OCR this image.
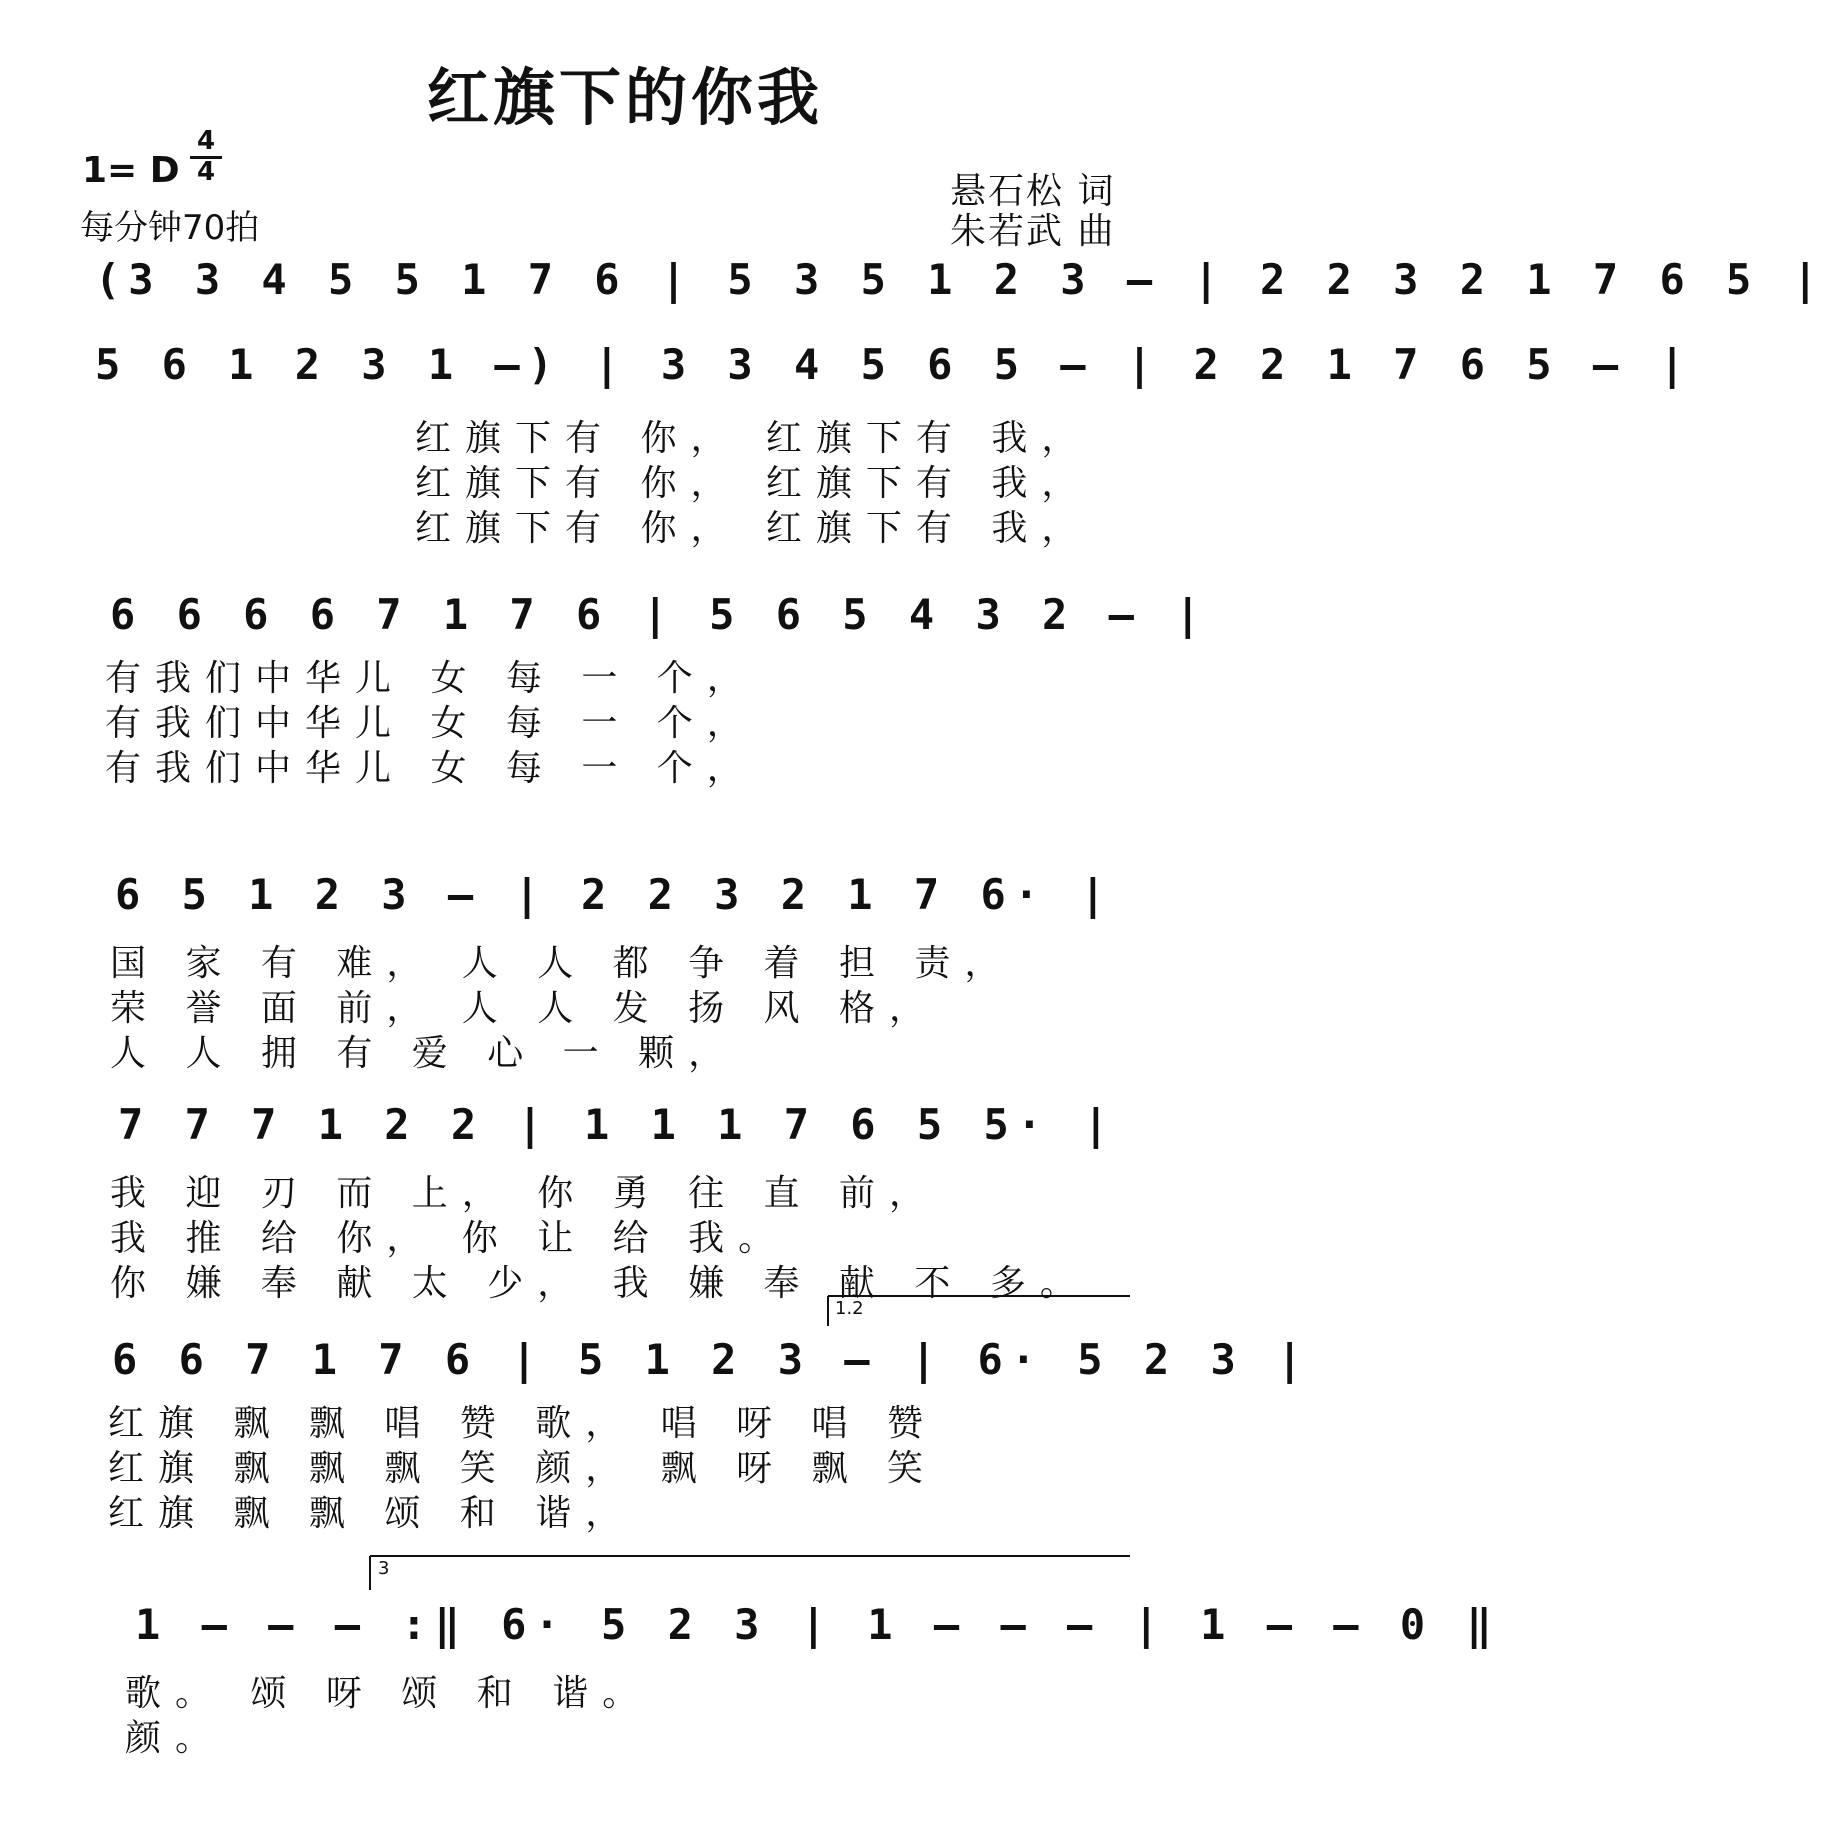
红旗下的你我
1= D $\frac{4}{4}$
每分钟70拍
悬石松 词
朱若武 曲
(3 3 4 5 5 1 7 6 | 5 3 5 1 2 3 – | 2 2 3 2 1 7 6 5 |
5 6 1 2 3 1 –) | 3 3 4 5 6 5 – | 2 2 1 7 6 5 – |
红旗下有 你， 红旗下有 我，
红旗下有 你， 红旗下有 我，
红旗下有 你， 红旗下有 我，
6 6 6 6 7 1 7 6 | 5 6 5 4 3 2 – |
有我们中华儿 女 每 一 个，
有我们中华儿 女 每 一 个，
有我们中华儿 女 每 一 个，
6 5 1 2 3 – | 2 2 3 2 1 7 6· |
国 家 有 难， 人 人 都 争 着 担 责，
荣 誉 面 前， 人 人 发 扬 风 格，
人 人 拥 有 爱 心 一 颗，
7 7 7 1 2 2 | 1 1 1 7 6 5 5· |
我 迎 刃 而 上， 你 勇 往 直 前，
我 推 给 你， 你 让 给 我。
你 嫌 奉 献 太 少， 我 嫌 奉 献 不 多。
1.2
6 6 7 1 7 6 | 5 1 2 3 – | 6· 5 2 3 |
红旗 飘 飘 唱 赞 歌， 唱 呀 唱 赞
红旗 飘 飘 飘 笑 颜， 飘 呀 飘 笑
红旗 飘 飘 颂 和 谐，
3
1 – – – :‖ 6· 5 2 3 | 1 – – – | 1 – – 0 ‖
歌。 颂 呀 颂 和 谐。
颜。
